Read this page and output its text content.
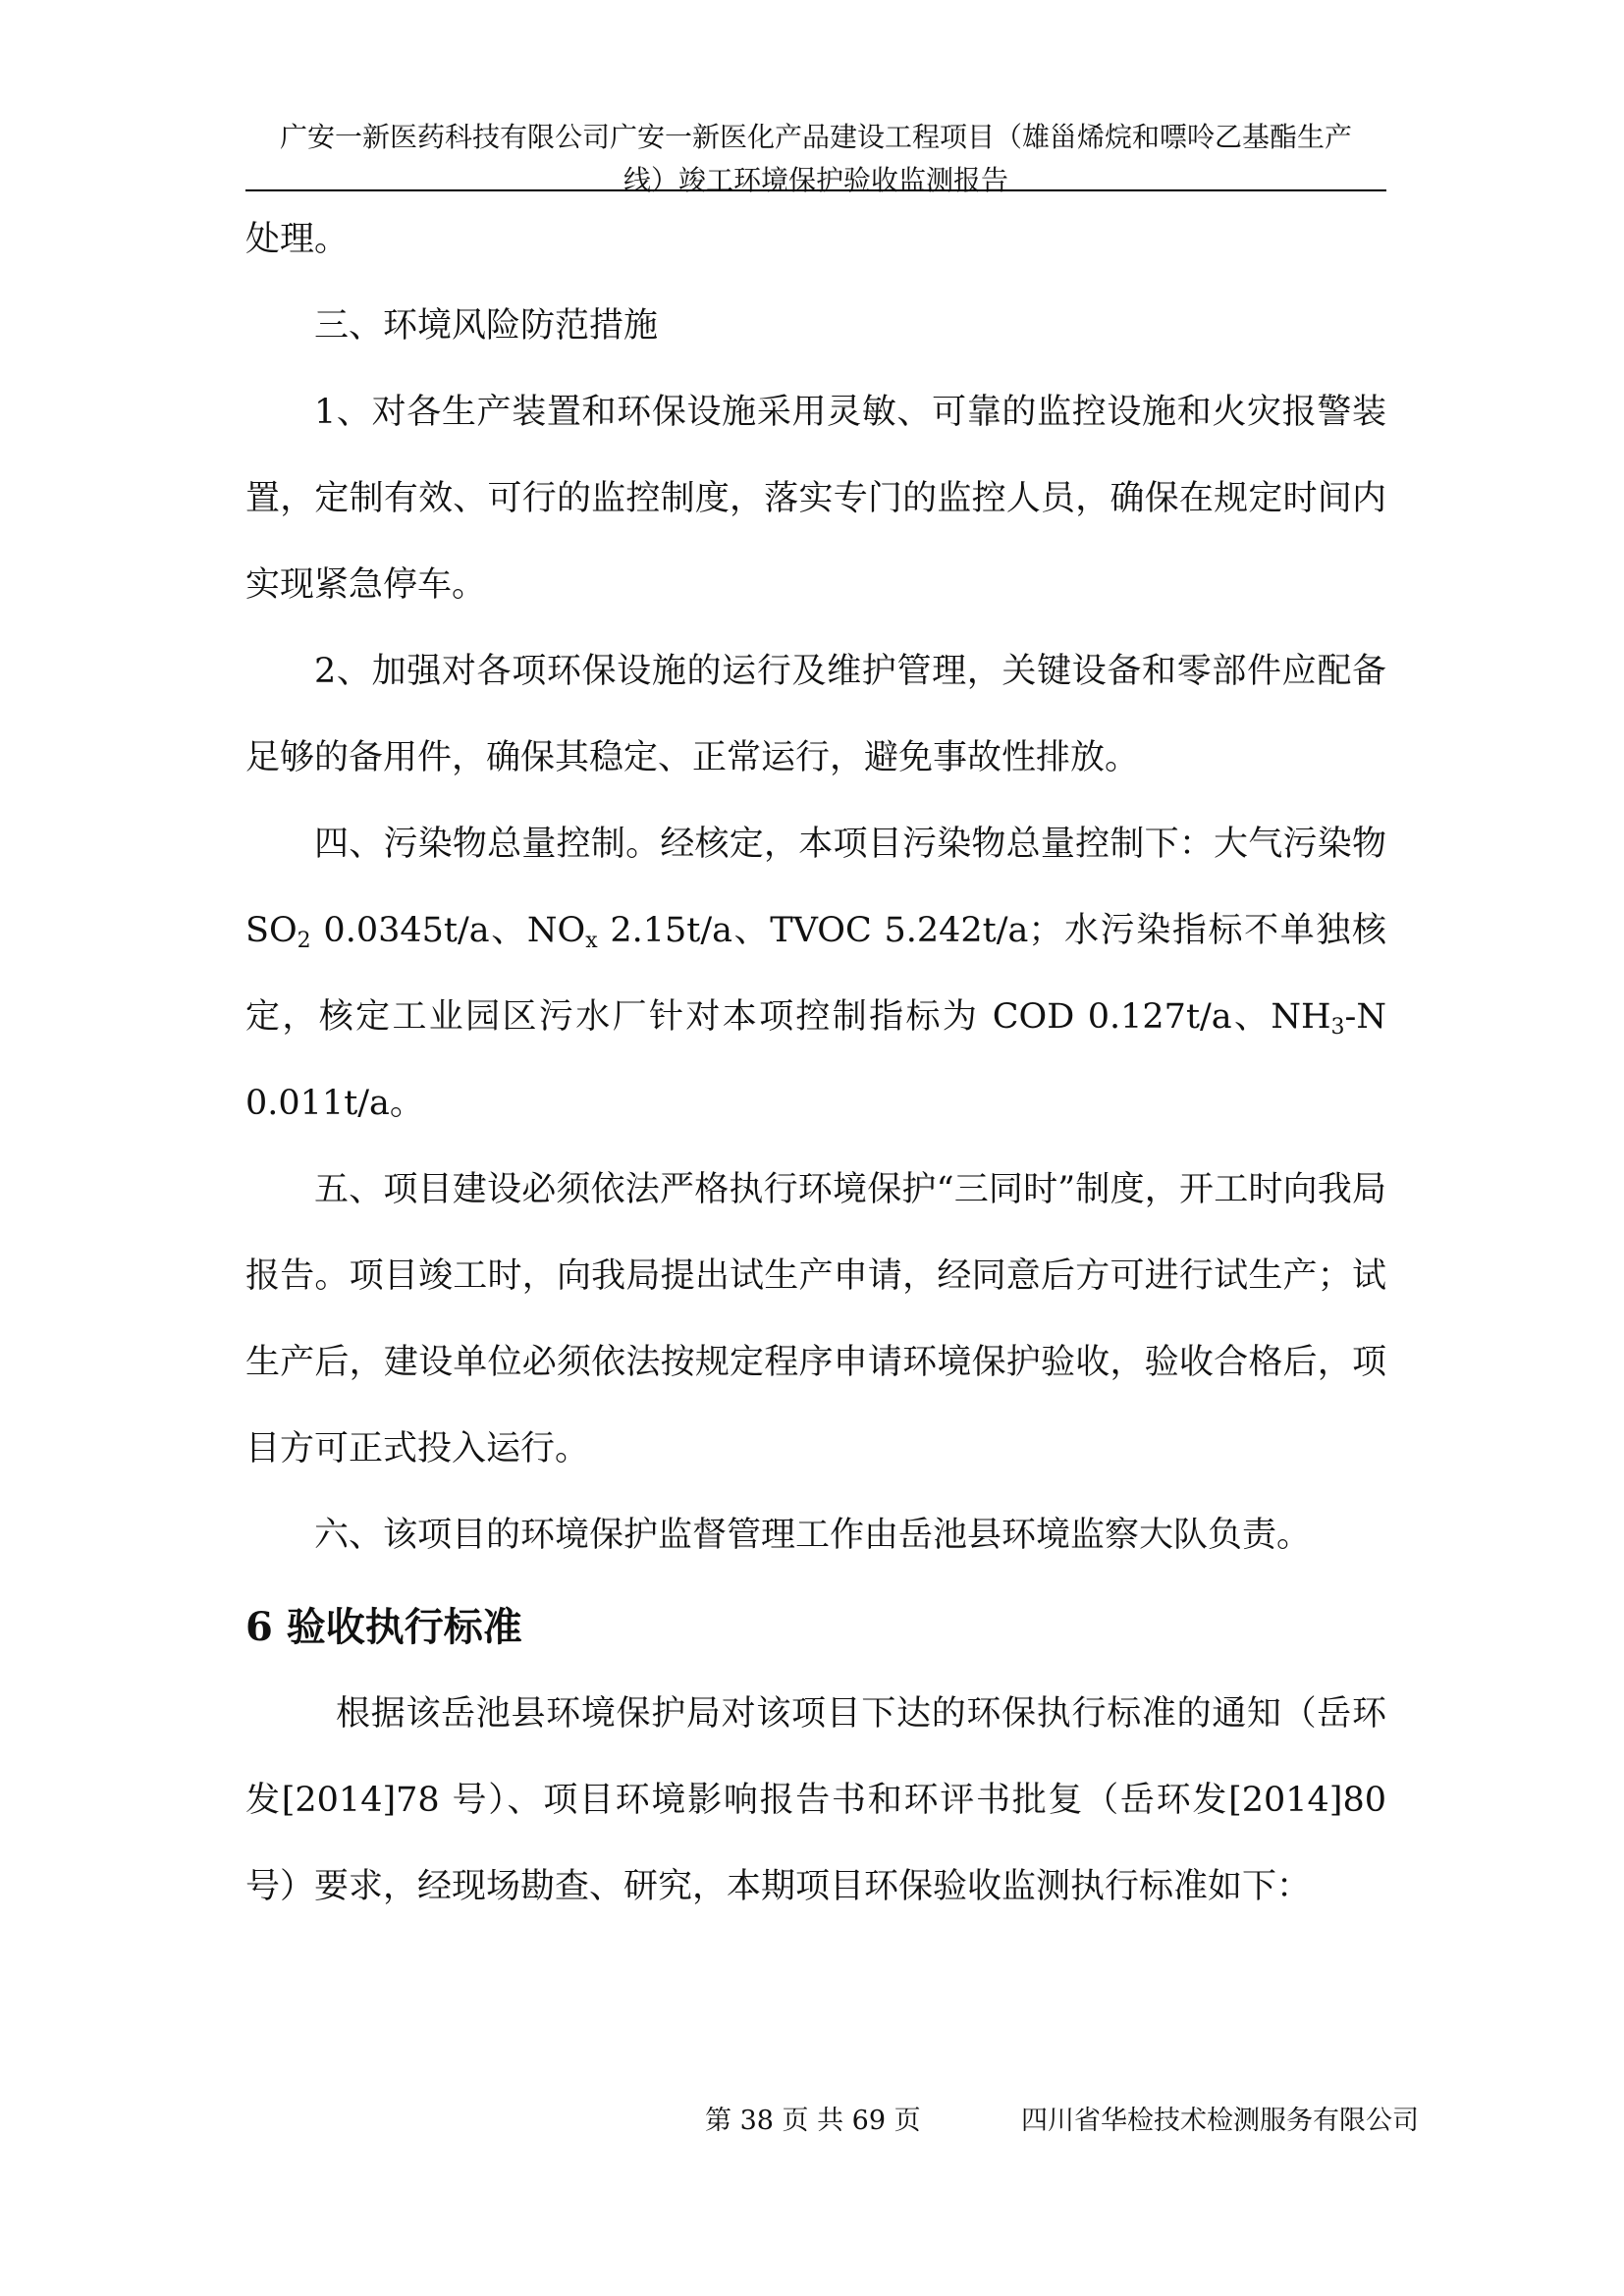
广安一新医药科技有限公司广安一新医化产品建设工程项目（雄甾烯烷和嘌呤乙基酯生产
线）竣工环境保护验收监测报告

处理。

三、环境风险防范措施

1、对各生产装置和环保设施采用灵敏、可靠的监控设施和火灾报警装置，定制有效、可行的监控制度，落实专门的监控人员，确保在规定时间内实现紧急停车。

2、加强对各项环保设施的运行及维护管理，关键设备和零部件应配备足够的备用件，确保其稳定、正常运行，避免事故性排放。

四、污染物总量控制。经核定，本项目污染物总量控制下：大气污染物 $SO_2$ 0.0345t/a、$NO_x$ 2.15t/a、TVOC 5.242t/a；水污染指标不单独核定，核定工业园区污水厂针对本项控制指标为 COD 0.127t/a、$NH_3-N$ 0.011t/a。

五、项目建设必须依法严格执行环境保护“三同时”制度，开工时向我局报告。项目竣工时，向我局提出试生产申请，经同意后方可进行试生产；试生产后，建设单位必须依法按规定程序申请环境保护验收，验收合格后，项目方可正式投入运行。

六、该项目的环境保护监督管理工作由岳池县环境监察大队负责。

6 验收执行标准

根据该岳池县环境保护局对该项目下达的环保执行标准的通知（岳环发[2014]78 号）、项目环境影响报告书和环评书批复（岳环发[2014]80 号）要求，经现场勘查、研究，本期项目环保验收监测执行标准如下：

第 38 页 共 69 页	四川省华检技术检测服务有限公司
